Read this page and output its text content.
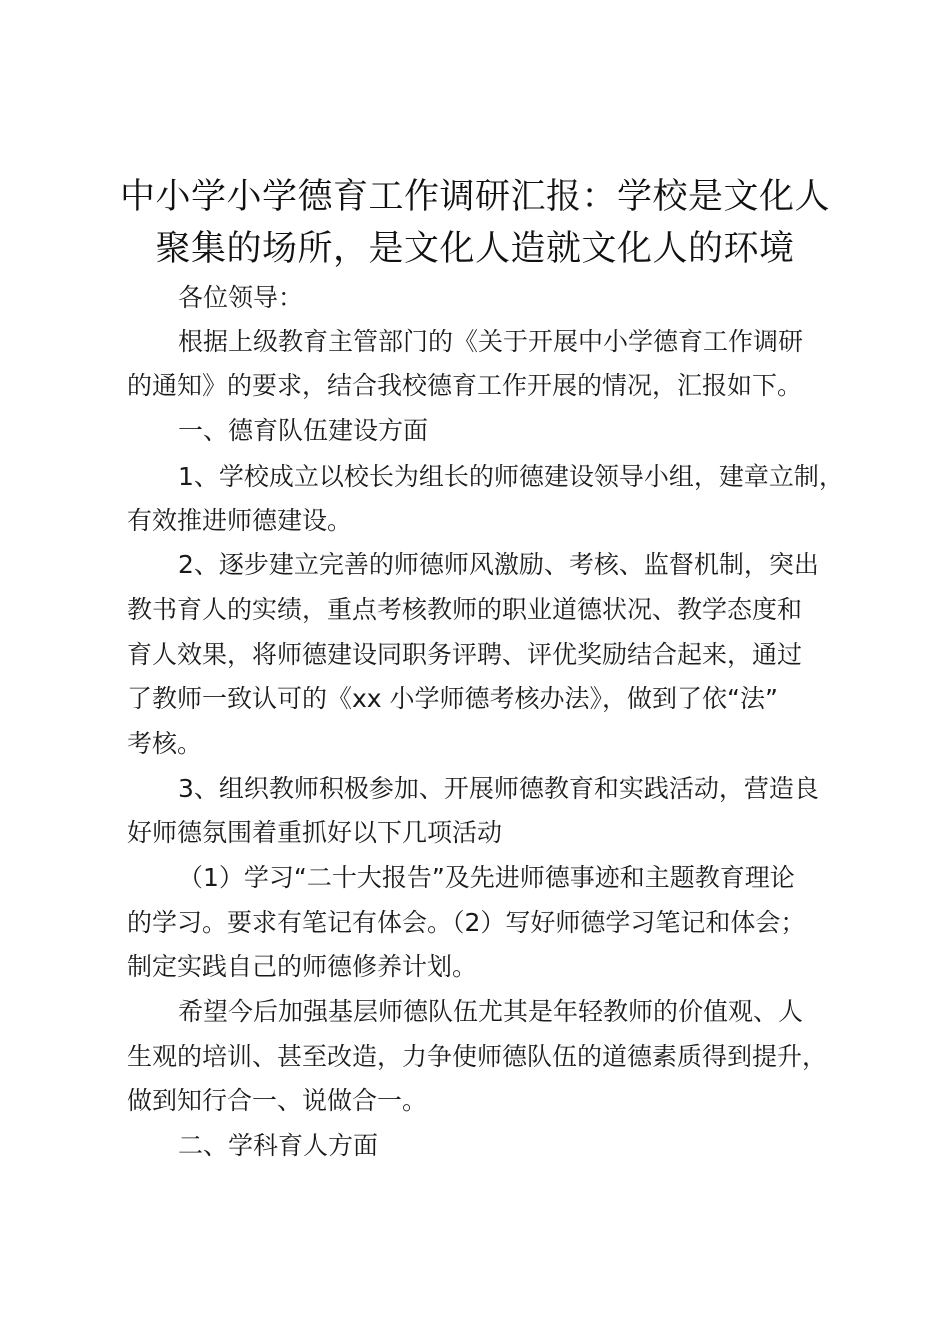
中小学小学德育工作调研汇报：学校是文化人
聚集的场所，是文化人造就文化人的环境
各位领导：
根据上级教育主管部门的《关于开展中小学德育工作调研
的通知》的要求，结合我校德育工作开展的情况，汇报如下。
一、德育队伍建设方面
1、学校成立以校长为组长的师德建设领导小组，建章立制，
有效推进师德建设。
2、逐步建立完善的师德师风激励、考核、监督机制，突出
教书育人的实绩，重点考核教师的职业道德状况、教学态度和
育人效果，将师德建设同职务评聘、评优奖励结合起来，通过
了教师一致认可的《xx 小学师德考核办法》，做到了依“法”
考核。
3、组织教师积极参加、开展师德教育和实践活动，营造良
好师德氛围着重抓好以下几项活动
（1）学习“二十大报告”及先进师德事迹和主题教育理论
的学习。要求有笔记有体会。（2）写好师德学习笔记和体会；
制定实践自己的师德修养计划。
希望今后加强基层师德队伍尤其是年轻教师的价值观、人
生观的培训、甚至改造，力争使师德队伍的道德素质得到提升，
做到知行合一、说做合一。
二、学科育人方面
